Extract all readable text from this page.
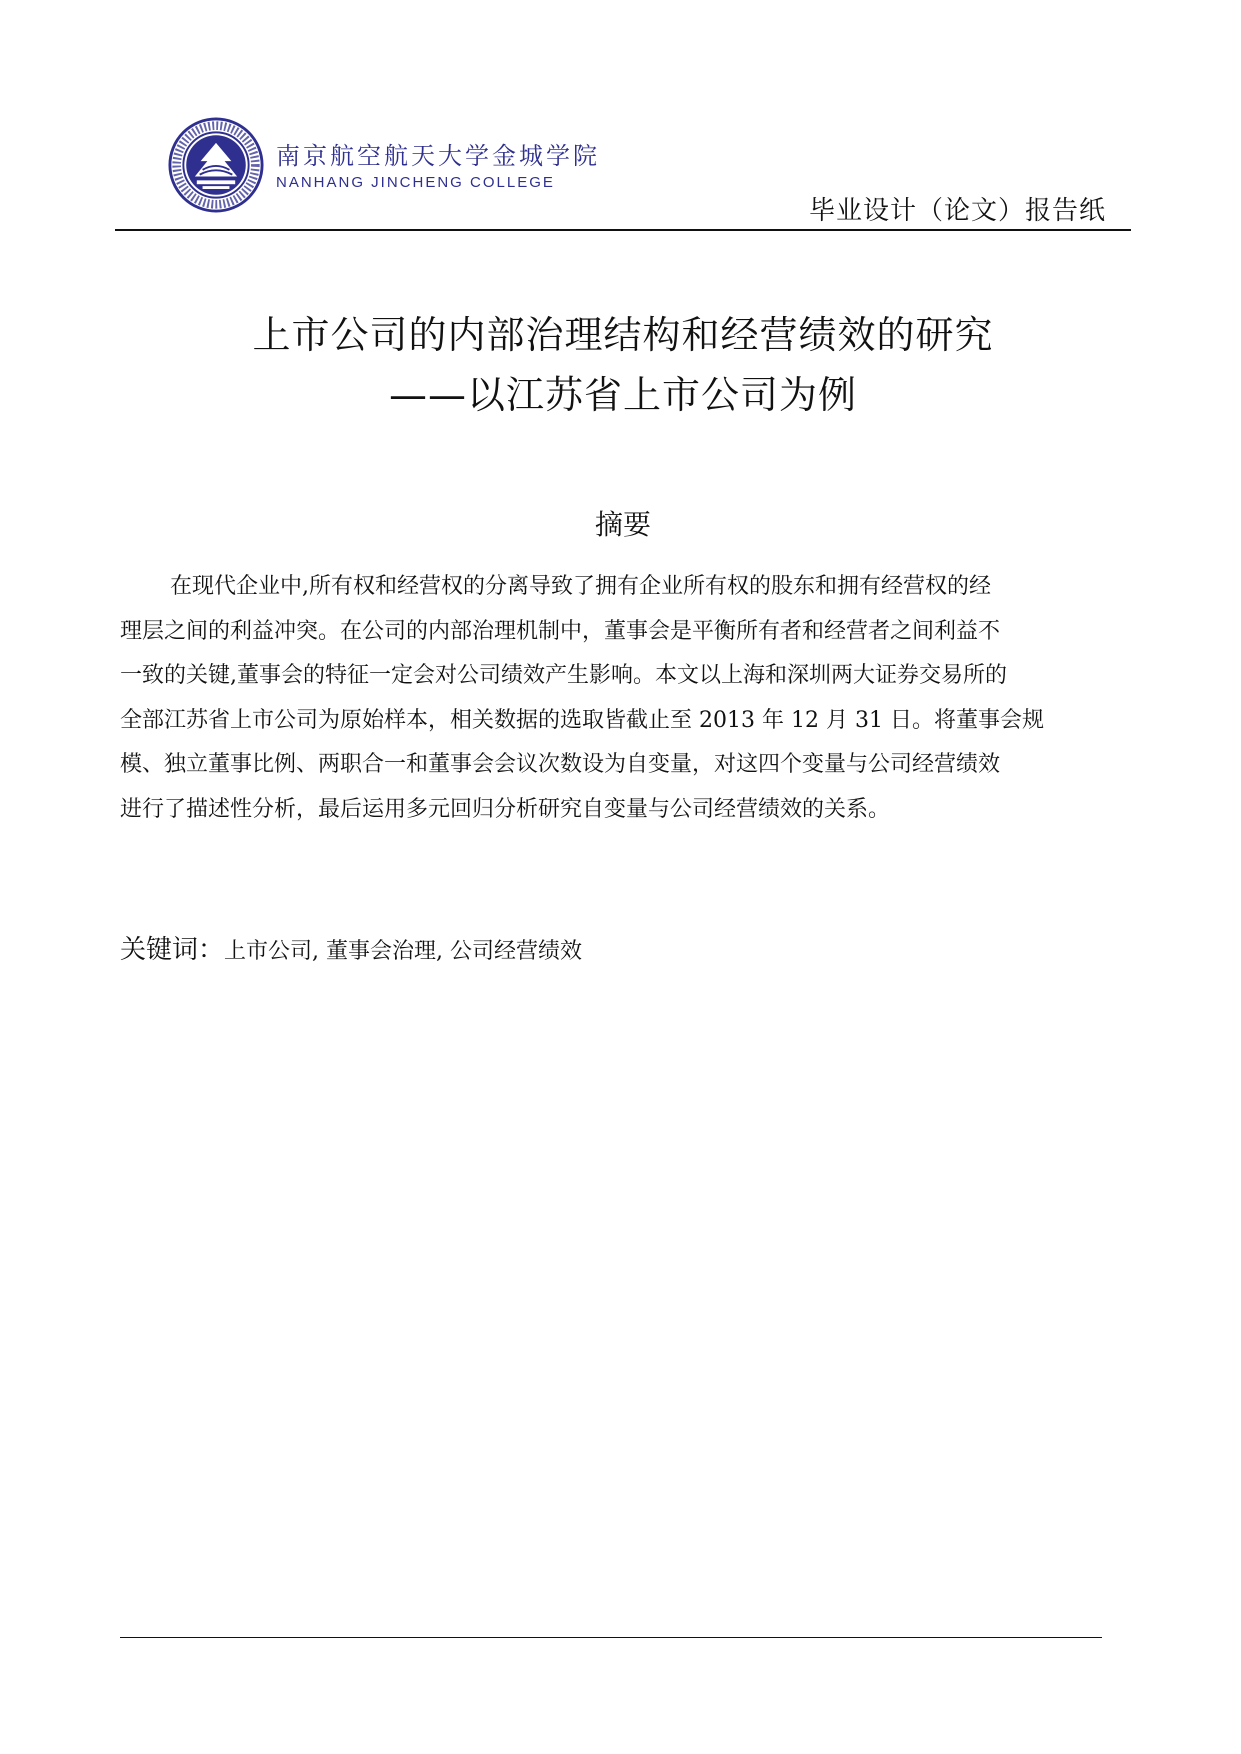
南京航空航天大学金城学院
NANHANG JINCHENG COLLEGE
毕业设计（论文）报告纸
上市公司的内部治理结构和经营绩效的研究
——以江苏省上市公司为例
摘要

在现代企业中,所有权和经营权的分离导致了拥有企业所有权的股东和拥有经营权的经
理层之间的利益冲突。在公司的内部治理机制中，董事会是平衡所有者和经营者之间利益不
一致的关键,董事会的特征一定会对公司绩效产生影响。本文以上海和深圳两大证券交易所的
全部江苏省上市公司为原始样本，相关数据的选取皆截止至 2013 年 12 月 31 日。将董事会规
模、独立董事比例、两职合一和董事会会议次数设为自变量，对这四个变量与公司经营绩效
进行了描述性分析，最后运用多元回归分析研究自变量与公司经营绩效的关系。

关键词：上市公司, 董事会治理, 公司经营绩效
